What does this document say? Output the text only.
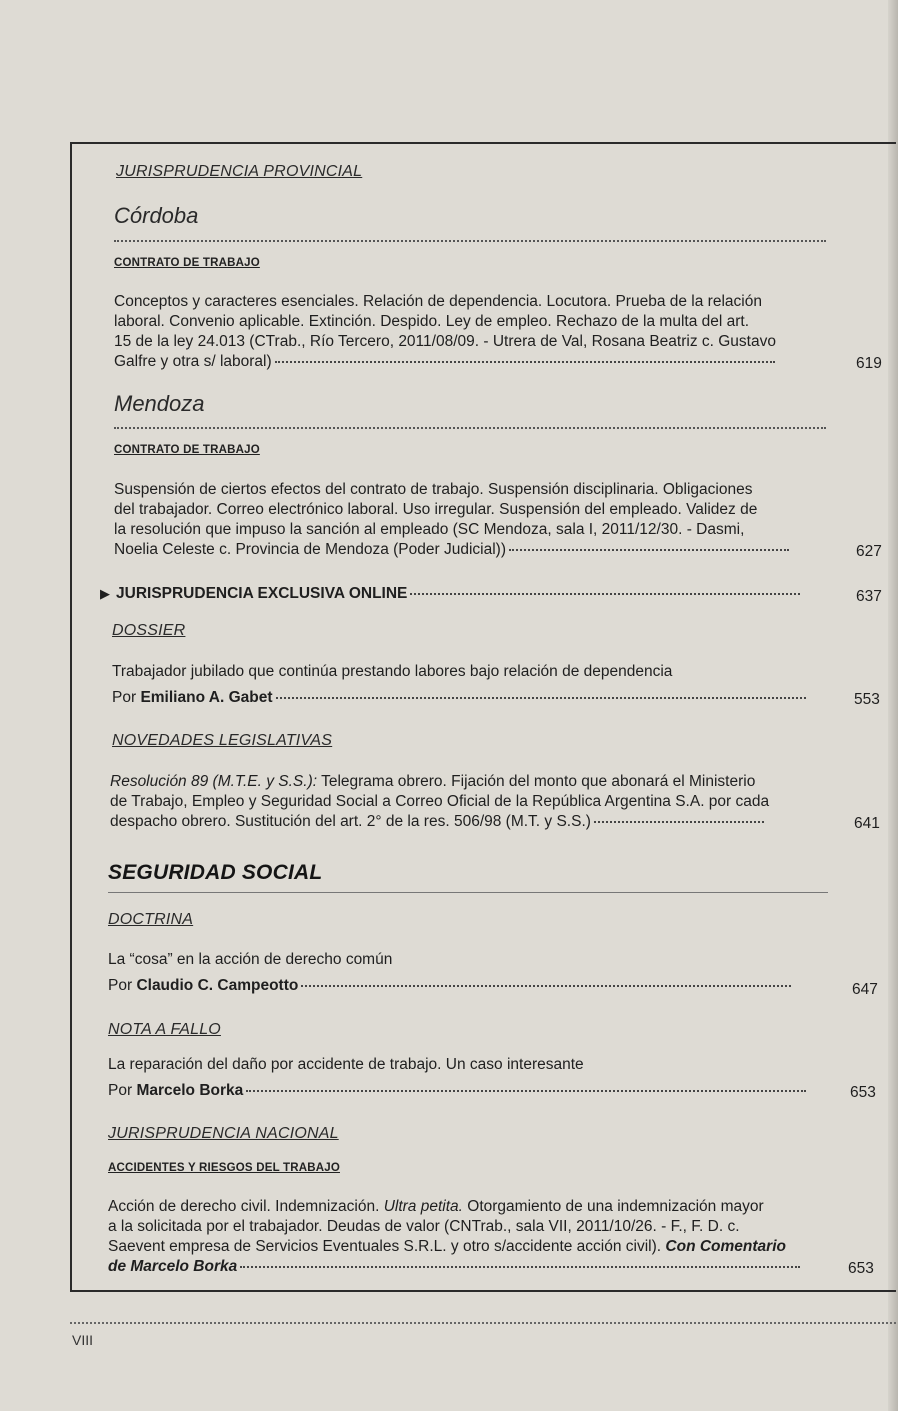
JURISPRUDENCIA PROVINCIAL
Córdoba
CONTRATO DE TRABAJO
Conceptos y caracteres esenciales. Relación de dependencia. Locutora. Prueba de la relación
laboral. Convenio aplicable. Extinción. Despido. Ley de empleo. Rechazo de la multa del art.
15 de la ley 24.013 (CTrab., Río Tercero, 2011/08/09. - Utrera de Val, Rosana Beatriz c. Gustavo
Galfre y otra s/ laboral)	619
Mendoza
CONTRATO DE TRABAJO
Suspensión de ciertos efectos del contrato de trabajo. Suspensión disciplinaria. Obligaciones
del trabajador. Correo electrónico laboral. Uso irregular. Suspensión del empleado. Validez de
la resolución que impuso la sanción al empleado (SC Mendoza, sala I, 2011/12/30. - Dasmi,
Noelia Celeste c. Provincia de Mendoza (Poder Judicial))	627
▶ JURISPRUDENCIA EXCLUSIVA ONLINE	637
DOSSIER
Trabajador jubilado que continúa prestando labores bajo relación de dependencia
Por Emiliano A. Gabet	553
NOVEDADES LEGISLATIVAS
Resolución 89 (M.T.E. y S.S.): Telegrama obrero. Fijación del monto que abonará el Ministerio
de Trabajo, Empleo y Seguridad Social a Correo Oficial de la República Argentina S.A. por cada
despacho obrero. Sustitución del art. 2° de la res. 506/98 (M.T. y S.S.)	641
SEGURIDAD SOCIAL
DOCTRINA
La “cosa” en la acción de derecho común
Por Claudio C. Campeotto	647
NOTA A FALLO
La reparación del daño por accidente de trabajo. Un caso interesante
Por Marcelo Borka	653
JURISPRUDENCIA NACIONAL
ACCIDENTES Y RIESGOS DEL TRABAJO
Acción de derecho civil. Indemnización. Ultra petita. Otorgamiento de una indemnización mayor
a la solicitada por el trabajador. Deudas de valor (CNTrab., sala VII, 2011/10/26. - F., F. D. c.
Saevent empresa de Servicios Eventuales S.R.L. y otro s/accidente acción civil). Con Comentario
de Marcelo Borka	653
VIII
